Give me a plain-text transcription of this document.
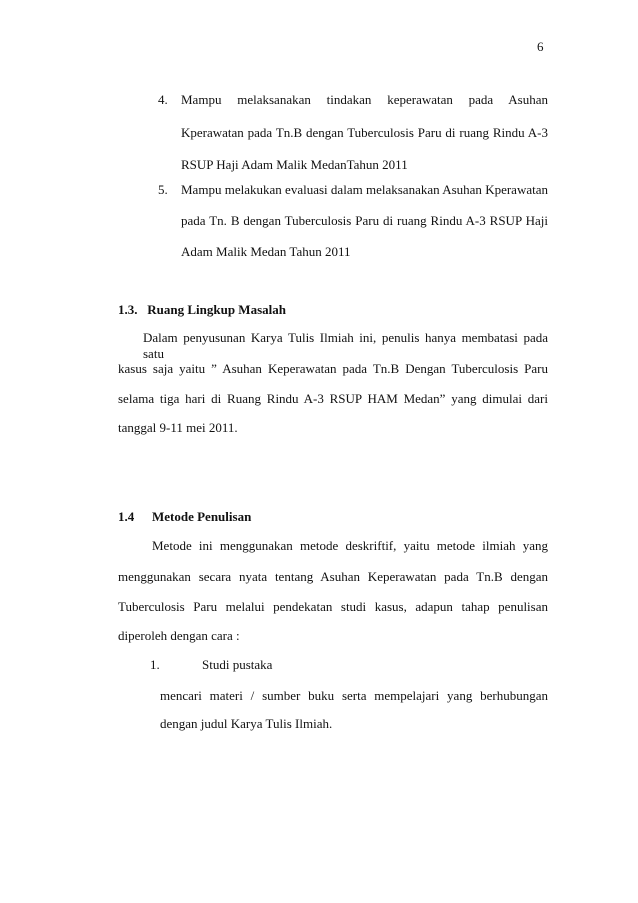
6
4. Mampu melaksanakan tindakan keperawatan pada Asuhan
Kperawatan pada Tn.B dengan Tuberculosis Paru di ruang Rindu A-3
RSUP Haji Adam Malik MedanTahun 2011
5. Mampu melakukan evaluasi dalam melaksanakan Asuhan Kperawatan
pada Tn. B dengan Tuberculosis Paru di ruang Rindu A-3 RSUP Haji
Adam Malik Medan Tahun 2011
1.3.   Ruang Lingkup Masalah
Dalam penyusunan Karya Tulis Ilmiah ini, penulis hanya membatasi pada satu
kasus saja yaitu ” Asuhan Keperawatan pada Tn.B Dengan Tuberculosis Paru
selama tiga hari di Ruang Rindu A-3 RSUP HAM Medan” yang dimulai dari
tanggal 9-11 mei 2011.
1.4 Metode Penulisan
Metode ini menggunakan metode deskriftif, yaitu metode ilmiah yang
menggunakan secara nyata tentang Asuhan Keperawatan pada Tn.B dengan
Tuberculosis Paru melalui pendekatan studi kasus, adapun tahap penulisan
diperoleh dengan cara :
1.	Studi pustaka
mencari materi / sumber buku serta mempelajari yang berhubungan
dengan judul Karya Tulis Ilmiah.
